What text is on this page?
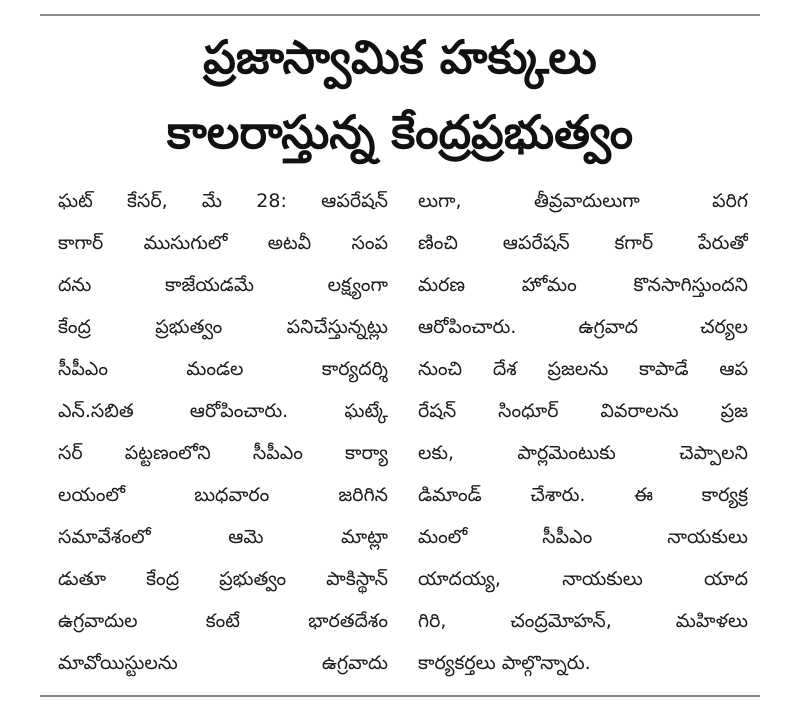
ప్రజాస్వామిక హక్కులు
కాలరాస్తున్న కేంద్రప్రభుత్వం
ఘట్ కేసర్, మే 28: ఆపరేషన్
కాగార్ ముసుగులో అటవీ సంప
దను కాజేయడమే లక్ష్యంగా
కేంద్ర ప్రభుత్వం పనిచేస్తున్నట్లు
సీపీఎం మండల కార్యదర్శి
ఎన్.సబిత ఆరోపించారు. ఘట్కే
సర్ పట్టణంలోని సీపీఎం కార్యా
లయంలో బుధవారం జరిగిన
సమావేశంలో ఆమె మాట్లా
డుతూ కేంద్ర ప్రభుత్వం పాకిస్థాన్
ఉగ్రవాదుల కంటే భారతదేశం
మావోయిస్టులను ఉగ్రవాదు
లుగా, తీవ్రవాదులుగా పరిగ
ణించి ఆపరేషన్ కగార్ పేరుతో
మరణ హోమం కొనసాగిస్తుందని
ఆరోపించారు. ఉగ్రవాద చర్యల
నుంచి దేశ ప్రజలను కాపాడే ఆప
రేషన్ సింధూర్ వివరాలను ప్రజ
లకు, పార్లమెంటుకు చెప్పాలని
డిమాండ్ చేశారు. ఈ కార్యక్ర
మంలో సీపీఎం నాయకులు
యాదయ్య, నాయకులు యాద
గిరి, చంద్రమోహన్, మహిళలు
కార్యకర్తలు పాల్గొన్నారు.
